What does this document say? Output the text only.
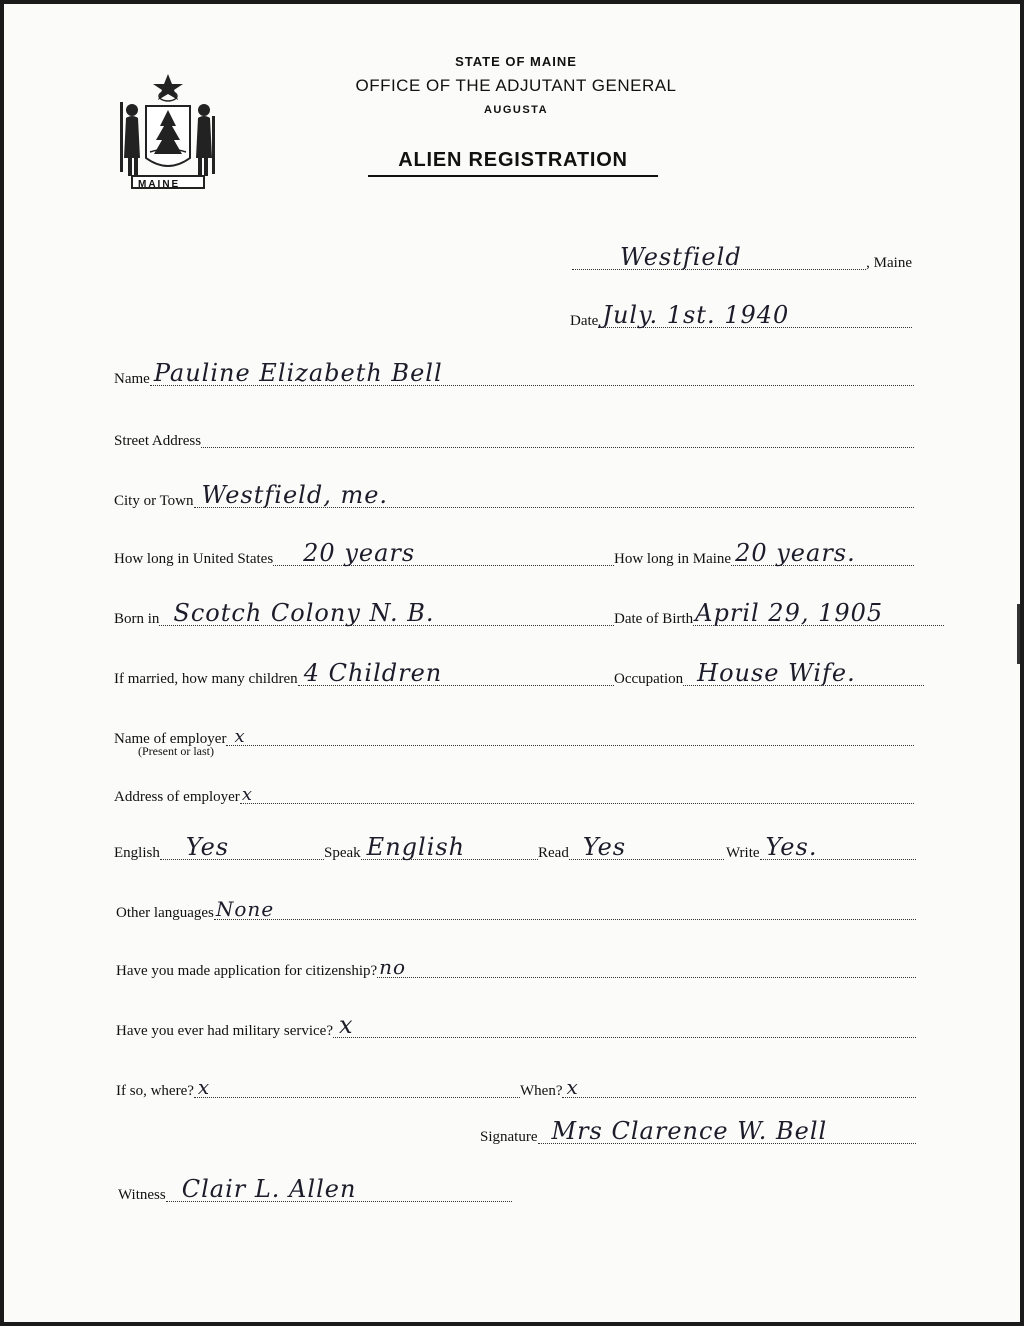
MAINE
STATE OF MAINE
OFFICE OF THE ADJUTANT GENERAL
AUGUSTA
ALIEN REGISTRATION
Westfield	, Maine
Date July. 1st. 1940
Name Pauline Elizabeth Bell
Street Address
City or Town Westfield, me.
How long in United States 20 years	How long in Maine 20 years.
Born in Scotch Colony N. B.	Date of Birth April 29, 1905
If married, how many children 4 Children	Occupation House Wife.
Name of employer x
(Present or last)
Address of employer x
English Yes	Speak English	Read Yes	Write Yes.
Other languages None
Have you made application for citizenship? no
Have you ever had military service? x
If so, where? x	When? x
Signature Mrs Clarence W. Bell
Witness Clair L. Allen
